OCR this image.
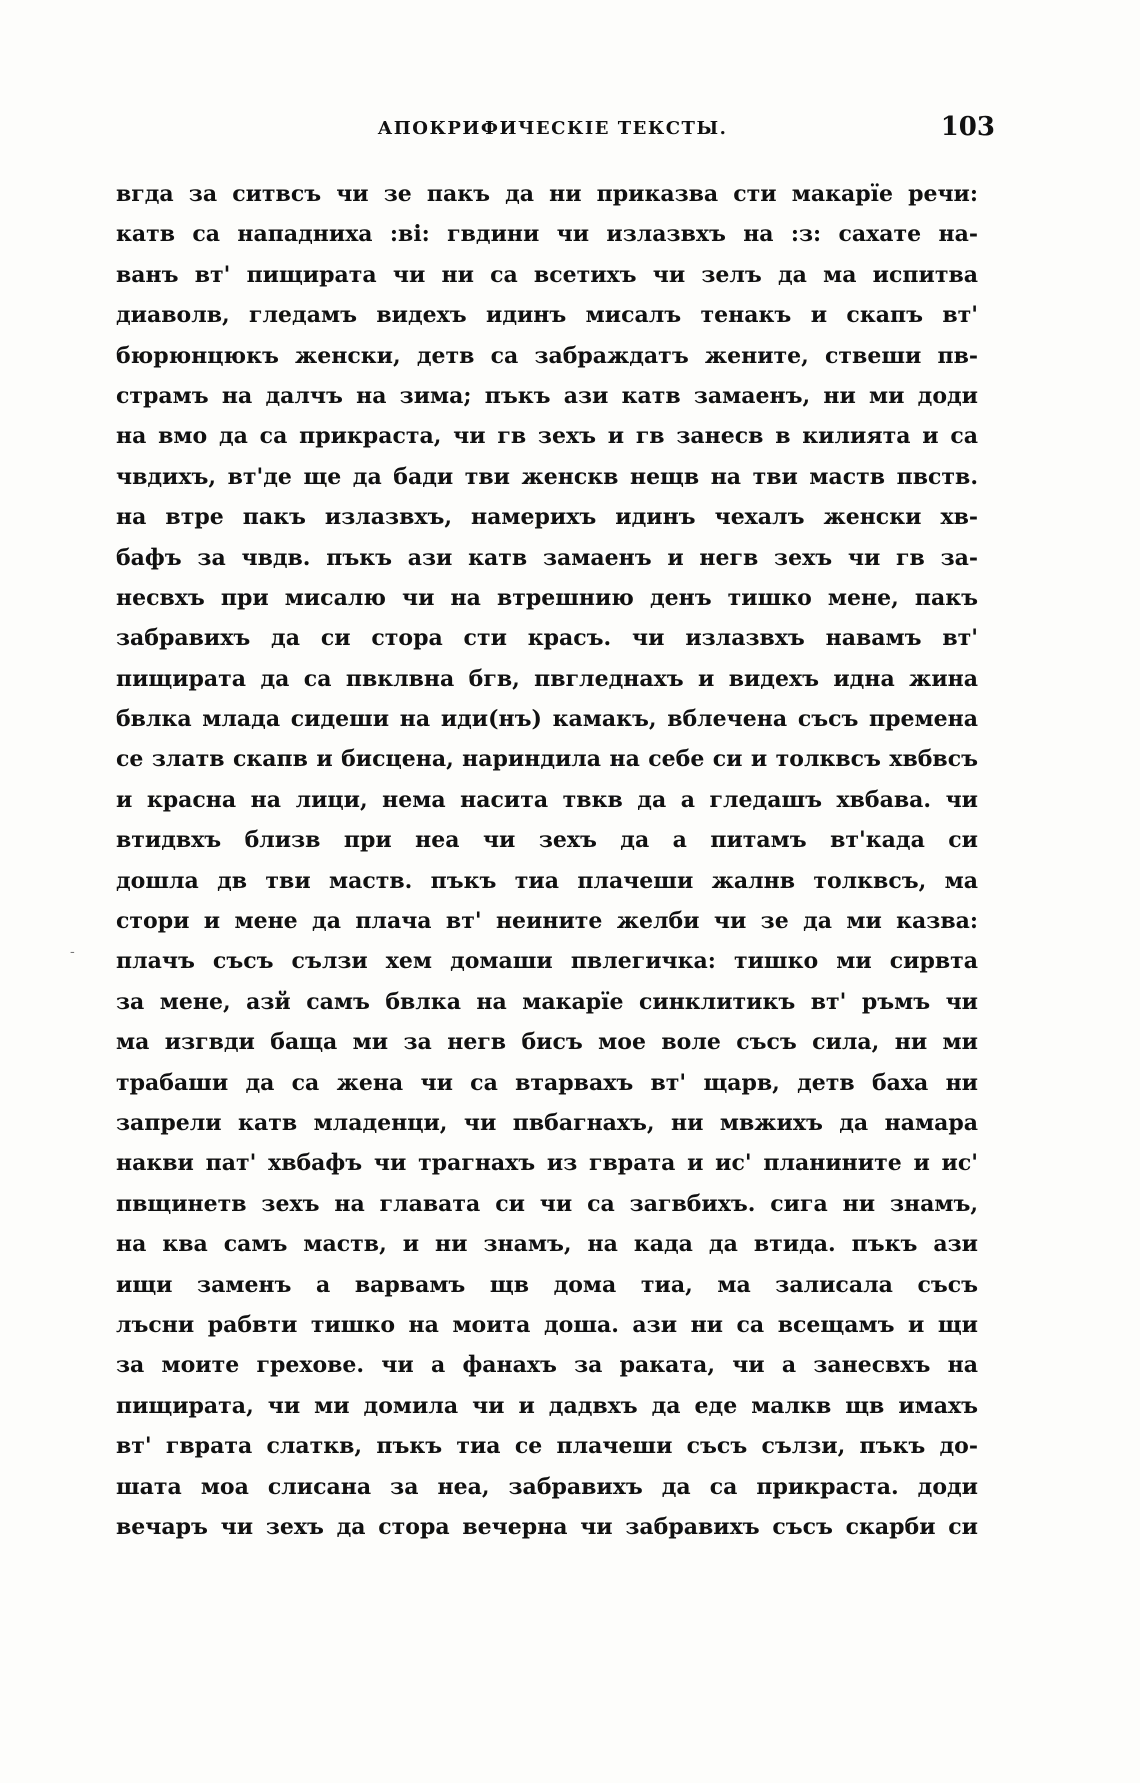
АПОКРИФИЧЕСКІЕ ТЕКСТЫ.	103
-
вгда за ситвсъ чи зе пакъ да ни приказва сти макарїе речи:
катв са нападниха :ві: гвдини чи излазвхъ на :з: сахате на-
ванъ вт' пищирата чи ни са всетихъ чи зелъ да ма испитва
диаволв, гледамъ видехъ идинъ мисалъ тенакъ и скапъ вт'
бюрюнцюкъ женски, детв са забраждатъ жените, ствеши пв-
страмъ на далчъ на зима; пъкъ ази катв замаенъ, ни ми доди
на вмо да са прикраста, чи гв зехъ и гв занесв в килията и са
чвдихъ, вт'де ще да бади тви женскв нещв на тви маств пвств.
на втре пакъ излазвхъ, намерихъ идинъ чехалъ женски хв-
бафъ за чвдв. пъкъ ази катв замаенъ и негв зехъ чи гв за-
несвхъ при мисалю чи на втрешнию денъ тишко мене, пакъ
забравихъ да си стора сти красъ. чи излазвхъ навамъ вт'
пищирата да са пвклвна бгв, пвгледнахъ и видехъ идна жина
бвлка млада сидеши на иди(нъ) камакъ, вблечена съсъ премена
се златв скапв и бисцена, нариндила на себе си и толквсъ хвбвсъ
и красна на лици, нема насита твкв да а гледашъ хвбава. чи
втидвхъ близв при неа чи зехъ да а питамъ вт'када си
дошла дв тви маств. пъкъ тиа плачеши жалнв толквсъ, ма
стори и мене да плача вт' неините желби чи зе да ми казва:
плачъ съсъ сълзи хем домаши пвлегичка: тишко ми сирвта
за мене, азй самъ бвлка на макарїе синклитикъ вт' ръмъ чи
ма изгвди баща ми за негв бисъ мое воле съсъ сила, ни ми
трабаши да са жена чи са втарвахъ вт' щарв, детв баха ни
запрели катв младенци, чи пвбагнахъ, ни мвжихъ да намара
накви пат' хвбафъ чи трагнахъ из гврата и ис' планините и ис'
пвщинетв зехъ на главата си чи са загвбихъ. сига ни знамъ,
на ква самъ маств, и ни знамъ, на када да втида. пъкъ ази
ищи заменъ а варвамъ щв дома тиа, ма залисала съсъ
лъсни рабвти тишко на моита доша. ази ни са всещамъ и щи
за моите грехове. чи а фанахъ за раката, чи а занесвхъ на
пищирата, чи ми домила чи и дадвхъ да еде малкв щв имахъ
вт' гврата слаткв, пъкъ тиа се плачеши съсъ сълзи, пъкъ до-
шата моа слисана за неа, забравихъ да са прикраста. доди
вечаръ чи зехъ да стора вечерна чи забравихъ съсъ скарби си
